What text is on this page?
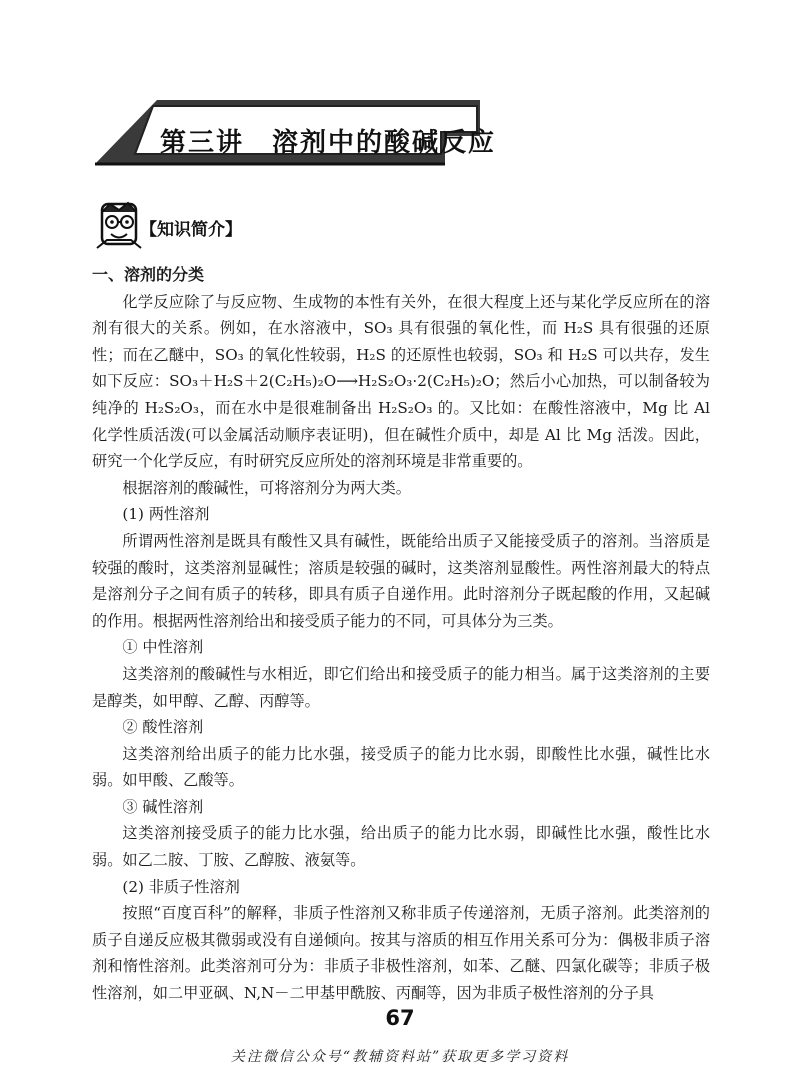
第三讲　溶剂中的酸碱反应
【知识简介】

一、溶剂的分类

化学反应除了与反应物、生成物的本性有关外，在很大程度上还与某化学反应所在的溶剂有很大的关系。例如，在水溶液中，SO₃ 具有很强的氧化性，而 H₂S 具有很强的还原性；而在乙醚中，SO₃ 的氧化性较弱，H₂S 的还原性也较弱，SO₃ 和 H₂S 可以共存，发生如下反应：SO₃＋H₂S＋2(C₂H₅)₂O⟶H₂S₂O₃·2(C₂H₅)₂O；然后小心加热，可以制备较为纯净的 H₂S₂O₃，而在水中是很难制备出 H₂S₂O₃ 的。又比如：在酸性溶液中，Mg 比 Al 化学性质活泼(可以金属活动顺序表证明)，但在碱性介质中，却是 Al 比 Mg 活泼。因此，研究一个化学反应，有时研究反应所处的溶剂环境是非常重要的。

根据溶剂的酸碱性，可将溶剂分为两大类。

(1) 两性溶剂

所谓两性溶剂是既具有酸性又具有碱性，既能给出质子又能接受质子的溶剂。当溶质是较强的酸时，这类溶剂显碱性；溶质是较强的碱时，这类溶剂显酸性。两性溶剂最大的特点是溶剂分子之间有质子的转移，即具有质子自递作用。此时溶剂分子既起酸的作用，又起碱的作用。根据两性溶剂给出和接受质子能力的不同，可具体分为三类。

① 中性溶剂

这类溶剂的酸碱性与水相近，即它们给出和接受质子的能力相当。属于这类溶剂的主要是醇类，如甲醇、乙醇、丙醇等。

② 酸性溶剂

这类溶剂给出质子的能力比水强，接受质子的能力比水弱，即酸性比水强，碱性比水弱。如甲酸、乙酸等。

③ 碱性溶剂

这类溶剂接受质子的能力比水强，给出质子的能力比水弱，即碱性比水强，酸性比水弱。如乙二胺、丁胺、乙醇胺、液氨等。

(2) 非质子性溶剂

按照“百度百科”的解释，非质子性溶剂又称非质子传递溶剂，无质子溶剂。此类溶剂的质子自递反应极其微弱或没有自递倾向。按其与溶质的相互作用关系可分为：偶极非质子溶剂和惰性溶剂。此类溶剂可分为：非质子非极性溶剂，如苯、乙醚、四氯化碳等；非质子极性溶剂，如二甲亚砜、N,N－二甲基甲酰胺、丙酮等，因为非质子极性溶剂的分子具

67
关注微信公众号“教辅资料站”获取更多学习资料
